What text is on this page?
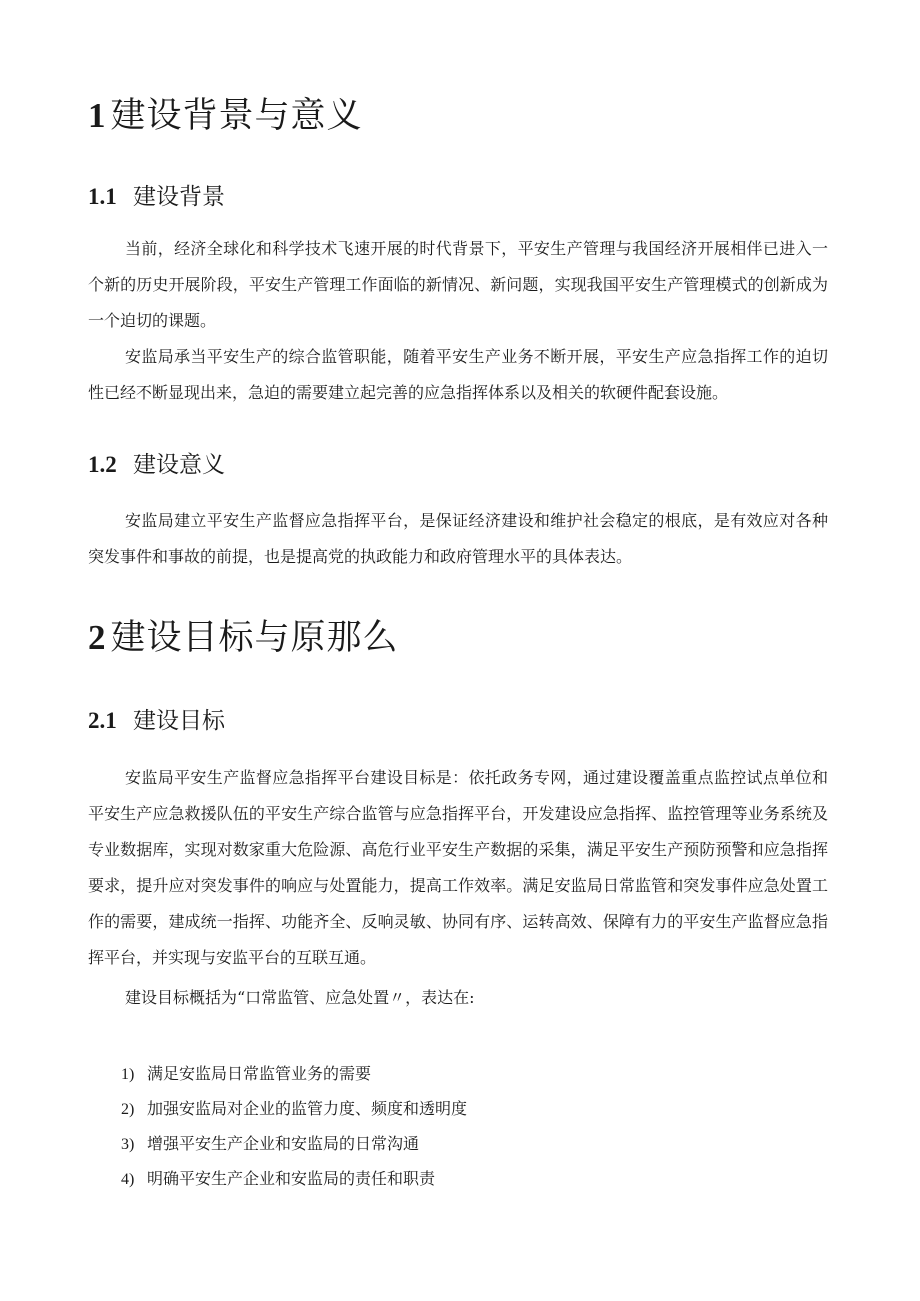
1 建设背景与意义
1.1 建设背景

当前，经济全球化和科学技术飞速开展的时代背景下，平安生产管理与我国经济开展相伴已进入一个新的历史开展阶段，平安生产管理工作面临的新情况、新问题，实现我国平安生产管理模式的创新成为一个迫切的课题。

安监局承当平安生产的综合监管职能，随着平安生产业务不断开展，平安生产应急指挥工作的迫切性已经不断显现出来，急迫的需要建立起完善的应急指挥体系以及相关的软硬件配套设施。

1.2 建设意义

安监局建立平安生产监督应急指挥平台，是保证经济建设和维护社会稳定的根底，是有效应对各种突发事件和事故的前提，也是提高党的执政能力和政府管理水平的具体表达。

2 建设目标与原那么
2.1 建设目标

安监局平安生产监督应急指挥平台建设目标是：依托政务专网，通过建设覆盖重点监控试点单位和平安生产应急救援队伍的平安生产综合监管与应急指挥平台，开发建设应急指挥、监控管理等业务系统及专业数据库，实现对数家重大危险源、高危行业平安生产数据的采集，满足平安生产预防预警和应急指挥要求，提升应对突发事件的响应与处置能力，提高工作效率。满足安监局日常监管和突发事件应急处置工作的需要，建成统一指挥、功能齐全、反响灵敏、协同有序、运转高效、保障有力的平安生产监督应急指挥平台，并实现与安监平台的互联互通。

建设目标概括为“口常监管、应急处置〃，表达在:

1) 满足安监局日常监管业务的需要

2) 加强安监局对企业的监管力度、频度和透明度

3) 增强平安生产企业和安监局的日常沟通

4) 明确平安生产企业和安监局的责任和职责
